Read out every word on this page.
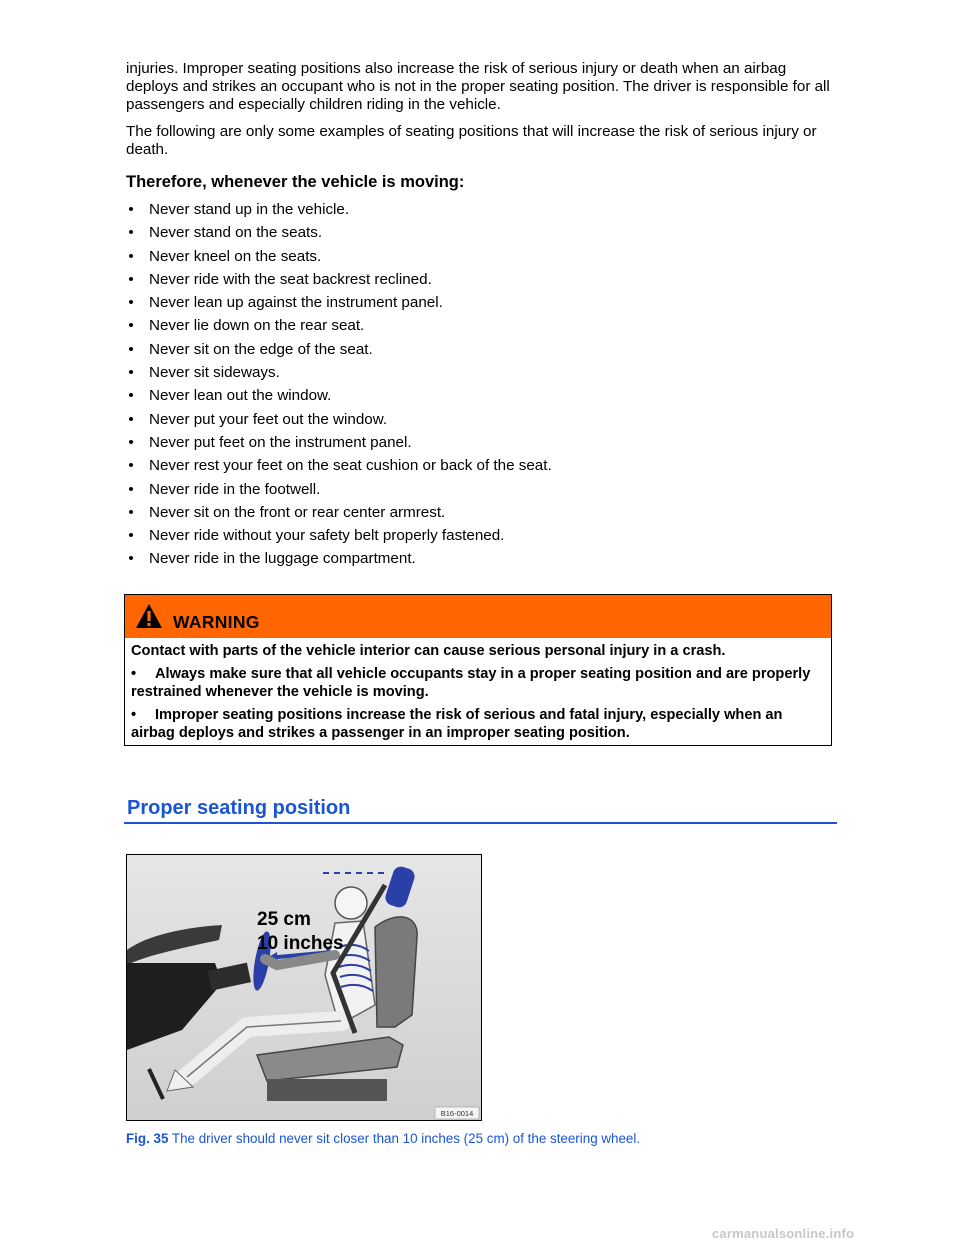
injuries. Improper seating positions also increase the risk of serious injury or death when an airbag deploys and strikes an occupant who is not in the proper seating position. The driver is responsible for all passengers and especially children riding in the vehicle.

The following are only some examples of seating positions that will increase the risk of serious injury or death.

Therefore, whenever the vehicle is moving:
• Never stand up in the vehicle.
• Never stand on the seats.
• Never kneel on the seats.
• Never ride with the seat backrest reclined.
• Never lean up against the instrument panel.
• Never lie down on the rear seat.
• Never sit on the edge of the seat.
• Never sit sideways.
• Never lean out the window.
• Never put your feet out the window.
• Never put feet on the instrument panel.
• Never rest your feet on the seat cushion or back of the seat.
• Never ride in the footwell.
• Never sit on the front or rear center armrest.
• Never ride without your safety belt properly fastened.
• Never ride in the luggage compartment.
WARNING

Contact with parts of the vehicle interior can cause serious personal injury in a crash.

• Always make sure that all vehicle occupants stay in a proper seating position and are properly restrained whenever the vehicle is moving.

• Improper seating positions increase the risk of serious and fatal injury, especially when an airbag deploys and strikes a passenger in an improper seating position.

Proper seating position
25 cm
10 inches
B16-0014

Fig. 35 The driver should never sit closer than 10 inches (25 cm) of the steering wheel.

carmanualsonline.info
